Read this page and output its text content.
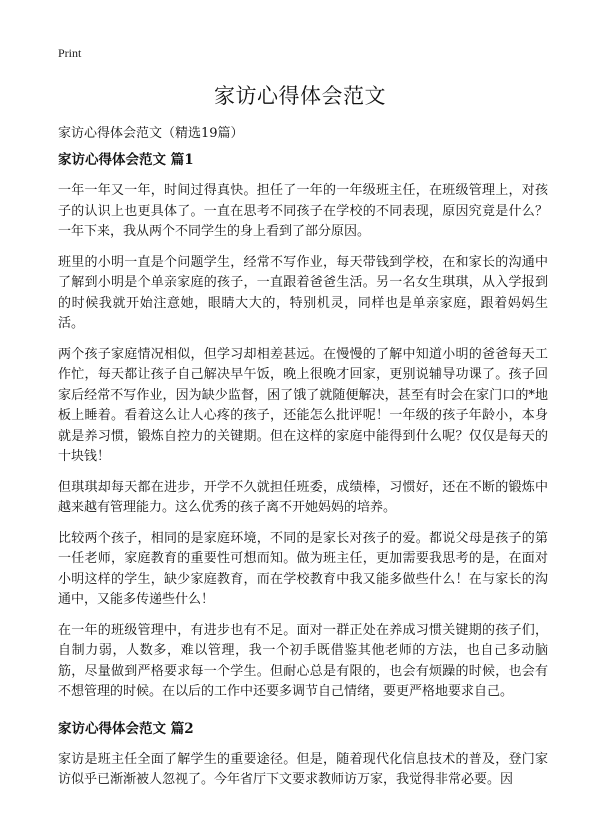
Print
家访心得体会范文
家访心得体会范文（精选19篇）
家访心得体会范文 篇1

一年一年又一年，时间过得真快。担任了一年的一年级班主任，在班级管理上，对孩子的认识上也更具体了。一直在思考不同孩子在学校的不同表现，原因究竟是什么？一年下来，我从两个不同学生的身上看到了部分原因。

班里的小明一直是个问题学生，经常不写作业，每天带钱到学校，在和家长的沟通中了解到小明是个单亲家庭的孩子，一直跟着爸爸生活。另一名女生琪琪，从入学报到的时候我就开始注意她，眼睛大大的，特别机灵，同样也是单亲家庭，跟着妈妈生活。

两个孩子家庭情况相似，但学习却相差甚远。在慢慢的了解中知道小明的爸爸每天工作忙，每天都让孩子自己解决早午饭，晚上很晚才回家，更别说辅导功课了。孩子回家后经常不写作业，因为缺少监督，困了饿了就随便解决，甚至有时会在家门口的*地板上睡着。看着这么让人心疼的孩子，还能怎么批评呢！一年级的孩子年龄小，本身就是养习惯，锻炼自控力的关键期。但在这样的家庭中能得到什么呢？仅仅是每天的十块钱！

但琪琪却每天都在进步，开学不久就担任班委，成绩棒，习惯好，还在不断的锻炼中越来越有管理能力。这么优秀的孩子离不开她妈妈的培养。

比较两个孩子，相同的是家庭环境，不同的是家长对孩子的爱。都说父母是孩子的第一任老师，家庭教育的重要性可想而知。做为班主任，更加需要我思考的是，在面对小明这样的学生，缺少家庭教育，而在学校教育中我又能多做些什么！在与家长的沟通中，又能多传递些什么！

在一年的班级管理中，有进步也有不足。面对一群正处在养成习惯关键期的孩子们，自制力弱，人数多，难以管理，我一个初手既借鉴其他老师的方法，也自己多动脑筋，尽量做到严格要求每一个学生。但耐心总是有限的，也会有烦躁的时候，也会有不想管理的时候。在以后的工作中还要多调节自己情绪，要更严格地要求自己。

家访心得体会范文 篇2

家访是班主任全面了解学生的重要途径。但是，随着现代化信息技术的普及，登门家访似乎已渐渐被人忽视了。今年省厅下文要求教师访万家，我觉得非常必要。因
